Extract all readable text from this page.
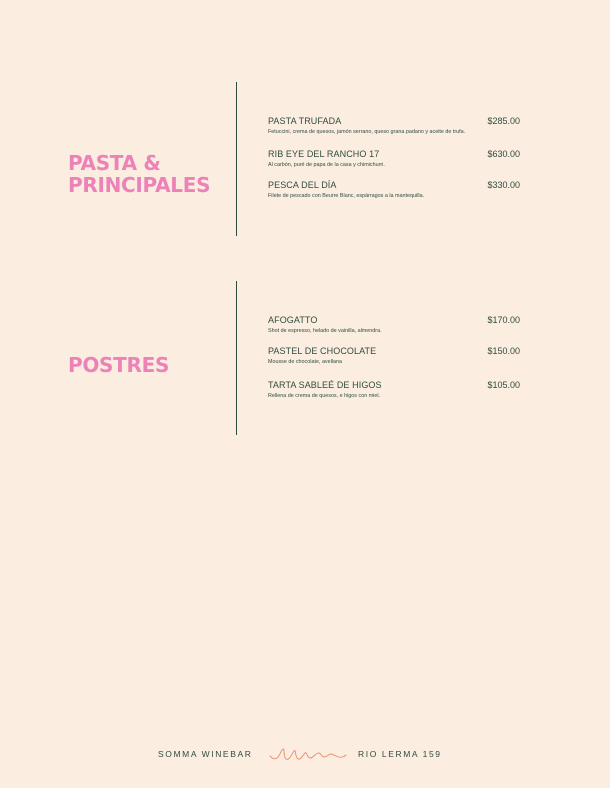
PASTA &
PRINCIPALES
PASTA TRUFADA	$285.00
Fetuccini, crema de quesos, jamón serrano, queso grana padano y aceite de trufa.
RIB EYE DEL RANCHO 17	$630.00
Al carbón, puré de papa de la casa y chimichurri.
PESCA DEL DÍA	$330.00
Filete de pescado con Beurre Blanc, espárragos a la mantequilla.
POSTRES
AFOGATTO	$170.00
Shot de espresso, helado de vainilla, almendra.
PASTEL DE CHOCOLATE	$150.00
Mousse de chocolate, avellana
TARTA SABLEÉ DE HIGOS	$105.00
Rellena de crema de quesos, e higos con miel.
SOMMA WINEBAR	RIO LERMA 159
